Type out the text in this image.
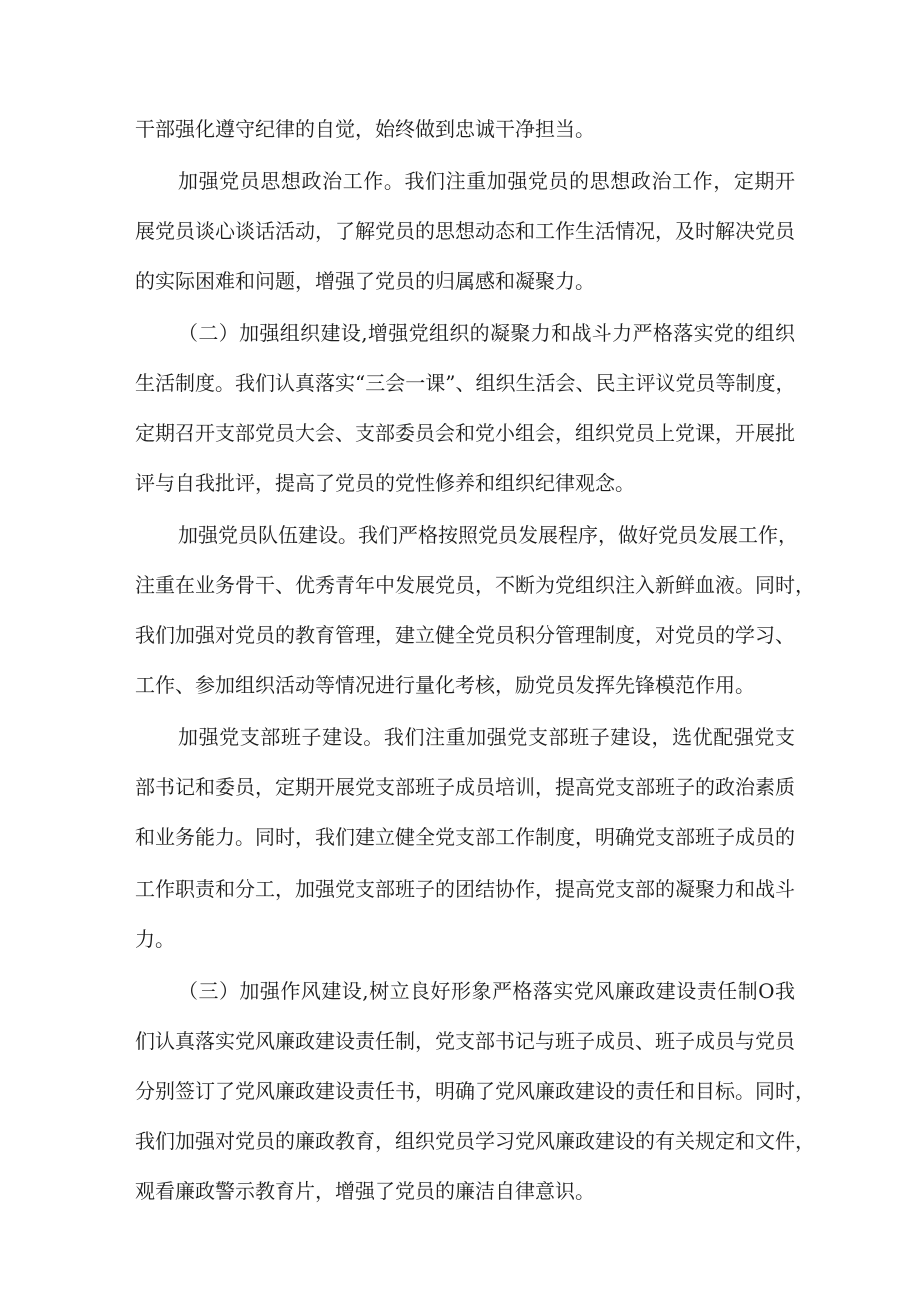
干部强化遵守纪律的自觉，始终做到忠诚干净担当。
加强党员思想政治工作。我们注重加强党员的思想政治工作，定期开
展党员谈心谈话活动，了解党员的思想动态和工作生活情况，及时解决党员
的实际困难和问题，增强了党员的归属感和凝聚力。
（二）加强组织建设,增强党组织的凝聚力和战斗力严格落实党的组织
生活制度。我们认真落实“三会一课”、组织生活会、民主评议党员等制度，
定期召开支部党员大会、支部委员会和党小组会，组织党员上党课，开展批
评与自我批评，提高了党员的党性修养和组织纪律观念。
加强党员队伍建设。我们严格按照党员发展程序，做好党员发展工作，
注重在业务骨干、优秀青年中发展党员，不断为党组织注入新鲜血液。同时，
我们加强对党员的教育管理，建立健全党员积分管理制度，对党员的学习、
工作、参加组织活动等情况进行量化考核，励党员发挥先锋模范作用。
加强党支部班子建设。我们注重加强党支部班子建设，选优配强党支
部书记和委员，定期开展党支部班子成员培训，提高党支部班子的政治素质
和业务能力。同时，我们建立健全党支部工作制度，明确党支部班子成员的
工作职责和分工，加强党支部班子的团结协作，提高党支部的凝聚力和战斗
力。
（三）加强作风建设,树立良好形象严格落实党风廉政建设责任制O我
们认真落实党风廉政建设责任制，党支部书记与班子成员、班子成员与党员
分别签订了党风廉政建设责任书，明确了党风廉政建设的责任和目标。同时，
我们加强对党员的廉政教育，组织党员学习党风廉政建设的有关规定和文件，
观看廉政警示教育片，增强了党员的廉洁自律意识。
